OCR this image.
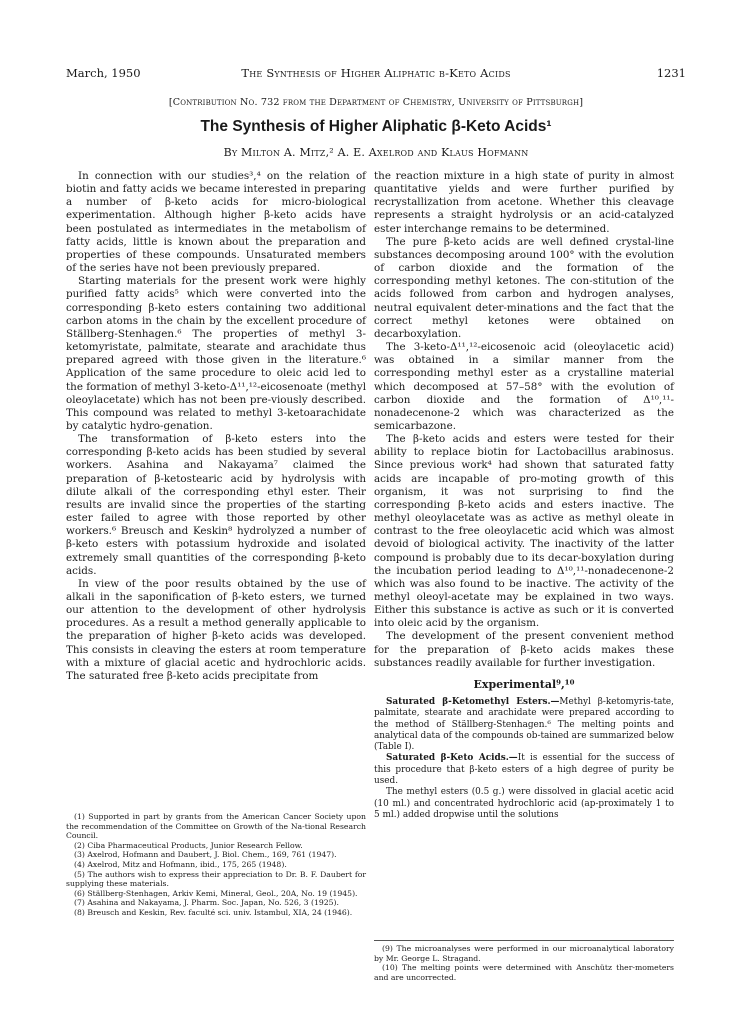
March, 1950	The Synthesis of Higher Aliphatic β-Keto Acids	1231
[Contribution No. 732 from the Department of Chemistry, University of Pittsburgh]
The Synthesis of Higher Aliphatic β-Keto Acids¹
By Milton A. Mitz,² A. E. Axelrod and Klaus Hofmann

In connection with our studies³,⁴ on the relation of biotin and fatty acids we became interested in preparing a number of β-keto acids for micro-biological experimentation. Although higher β-keto acids have been postulated as intermediates in the metabolism of fatty acids, little is known about the preparation and properties of these compounds. Unsaturated members of the series have not been previously prepared.

Starting materials for the present work were highly purified fatty acids⁵ which were converted into the corresponding β-keto esters containing two additional carbon atoms in the chain by the excellent procedure of Ställberg-Stenhagen.⁶ The properties of methyl 3-ketomyristate, palmitate, stearate and arachidate thus prepared agreed with those given in the literature.⁶ Application of the same procedure to oleic acid led to the formation of methyl 3-keto-Δ¹¹,¹²-eicosenoate (methyl oleoylacetate) which has not been pre-viously described. This compound was related to methyl 3-ketoarachidate by catalytic hydro-genation.

The transformation of β-keto esters into the corresponding β-keto acids has been studied by several workers. Asahina and Nakayama⁷ claimed the preparation of β-ketostearic acid by hydrolysis with dilute alkali of the corresponding ethyl ester. Their results are invalid since the properties of the starting ester failed to agree with those reported by other workers.⁶ Breusch and Keskin⁸ hydrolyzed a number of β-keto esters with potassium hydroxide and isolated extremely small quantities of the corresponding β-keto acids.

In view of the poor results obtained by the use of alkali in the saponification of β-keto esters, we turned our attention to the development of other hydrolysis procedures. As a result a method generally applicable to the preparation of higher β-keto acids was developed. This consists in cleaving the esters at room temperature with a mixture of glacial acetic and hydrochloric acids. The saturated free β-keto acids precipitate from

the reaction mixture in a high state of purity in almost quantitative yields and were further purified by recrystallization from acetone. Whether this cleavage represents a straight hydrolysis or an acid-catalyzed ester interchange remains to be determined.

The pure β-keto acids are well defined crystal-line substances decomposing around 100° with the evolution of carbon dioxide and the formation of the corresponding methyl ketones. The con-stitution of the acids followed from carbon and hydrogen analyses, neutral equivalent deter-minations and the fact that the correct methyl ketones were obtained on decarboxylation.

The 3-keto-Δ¹¹,¹²-eicosenoic acid (oleoylacetic acid) was obtained in a similar manner from the corresponding methyl ester as a crystalline material which decomposed at 57–58° with the evolution of carbon dioxide and the formation of Δ¹⁰,¹¹-nonadecenone-2 which was characterized as the semicarbazone.

The β-keto acids and esters were tested for their ability to replace biotin for Lactobacillus arabinosus. Since previous work⁴ had shown that saturated fatty acids are incapable of pro-moting growth of this organism, it was not surprising to find the corresponding β-keto acids and esters inactive. The methyl oleoylacetate was as active as methyl oleate in contrast to the free oleoylacetic acid which was almost devoid of biological activity. The inactivity of the latter compound is probably due to its decar-boxylation during the incubation period leading to Δ¹⁰,¹¹-nonadecenone-2 which was also found to be inactive. The activity of the methyl oleoyl-acetate may be explained in two ways. Either this substance is active as such or it is converted into oleic acid by the organism.

The development of the present convenient method for the preparation of β-keto acids makes these substances readily available for further investigation.

Experimental⁹,¹⁰

Saturated β-Ketomethyl Esters.—Methyl β-ketomyris-tate, palmitate, stearate and arachidate were prepared according to the method of Ställberg-Stenhagen.⁶ The melting points and analytical data of the compounds ob-tained are summarized below (Table I).

Saturated β-Keto Acids.—It is essential for the success of this procedure that β-keto esters of a high degree of purity be used.

The methyl esters (0.5 g.) were dissolved in glacial acetic acid (10 ml.) and concentrated hydrochloric acid (ap-proximately 1 to 5 ml.) added dropwise until the solutions

(1) Supported in part by grants from the American Cancer Society upon the recommendation of the Committee on Growth of the Na-tional Research Council.

(2) Ciba Pharmaceutical Products, Junior Research Fellow.

(3) Axelrod, Hofmann and Daubert, J. Biol. Chem., 169, 761 (1947).

(4) Axelrod, Mitz and Hofmann, ibid., 175, 265 (1948).

(5) The authors wish to express their appreciation to Dr. B. F. Daubert for supplying these materials.

(6) Ställberg-Stenhagen, Arkiv Kemi, Mineral, Geol., 20A, No. 19 (1945).

(7) Asahina and Nakayama, J. Pharm. Soc. Japan, No. 526, 3 (1925).

(8) Breusch and Keskin, Rev. faculté sci. univ. Istambul, XIA, 24 (1946).

(9) The microanalyses were performed in our microanalytical laboratory by Mr. George L. Stragand.

(10) The melting points were determined with Anschütz ther-mometers and are uncorrected.
